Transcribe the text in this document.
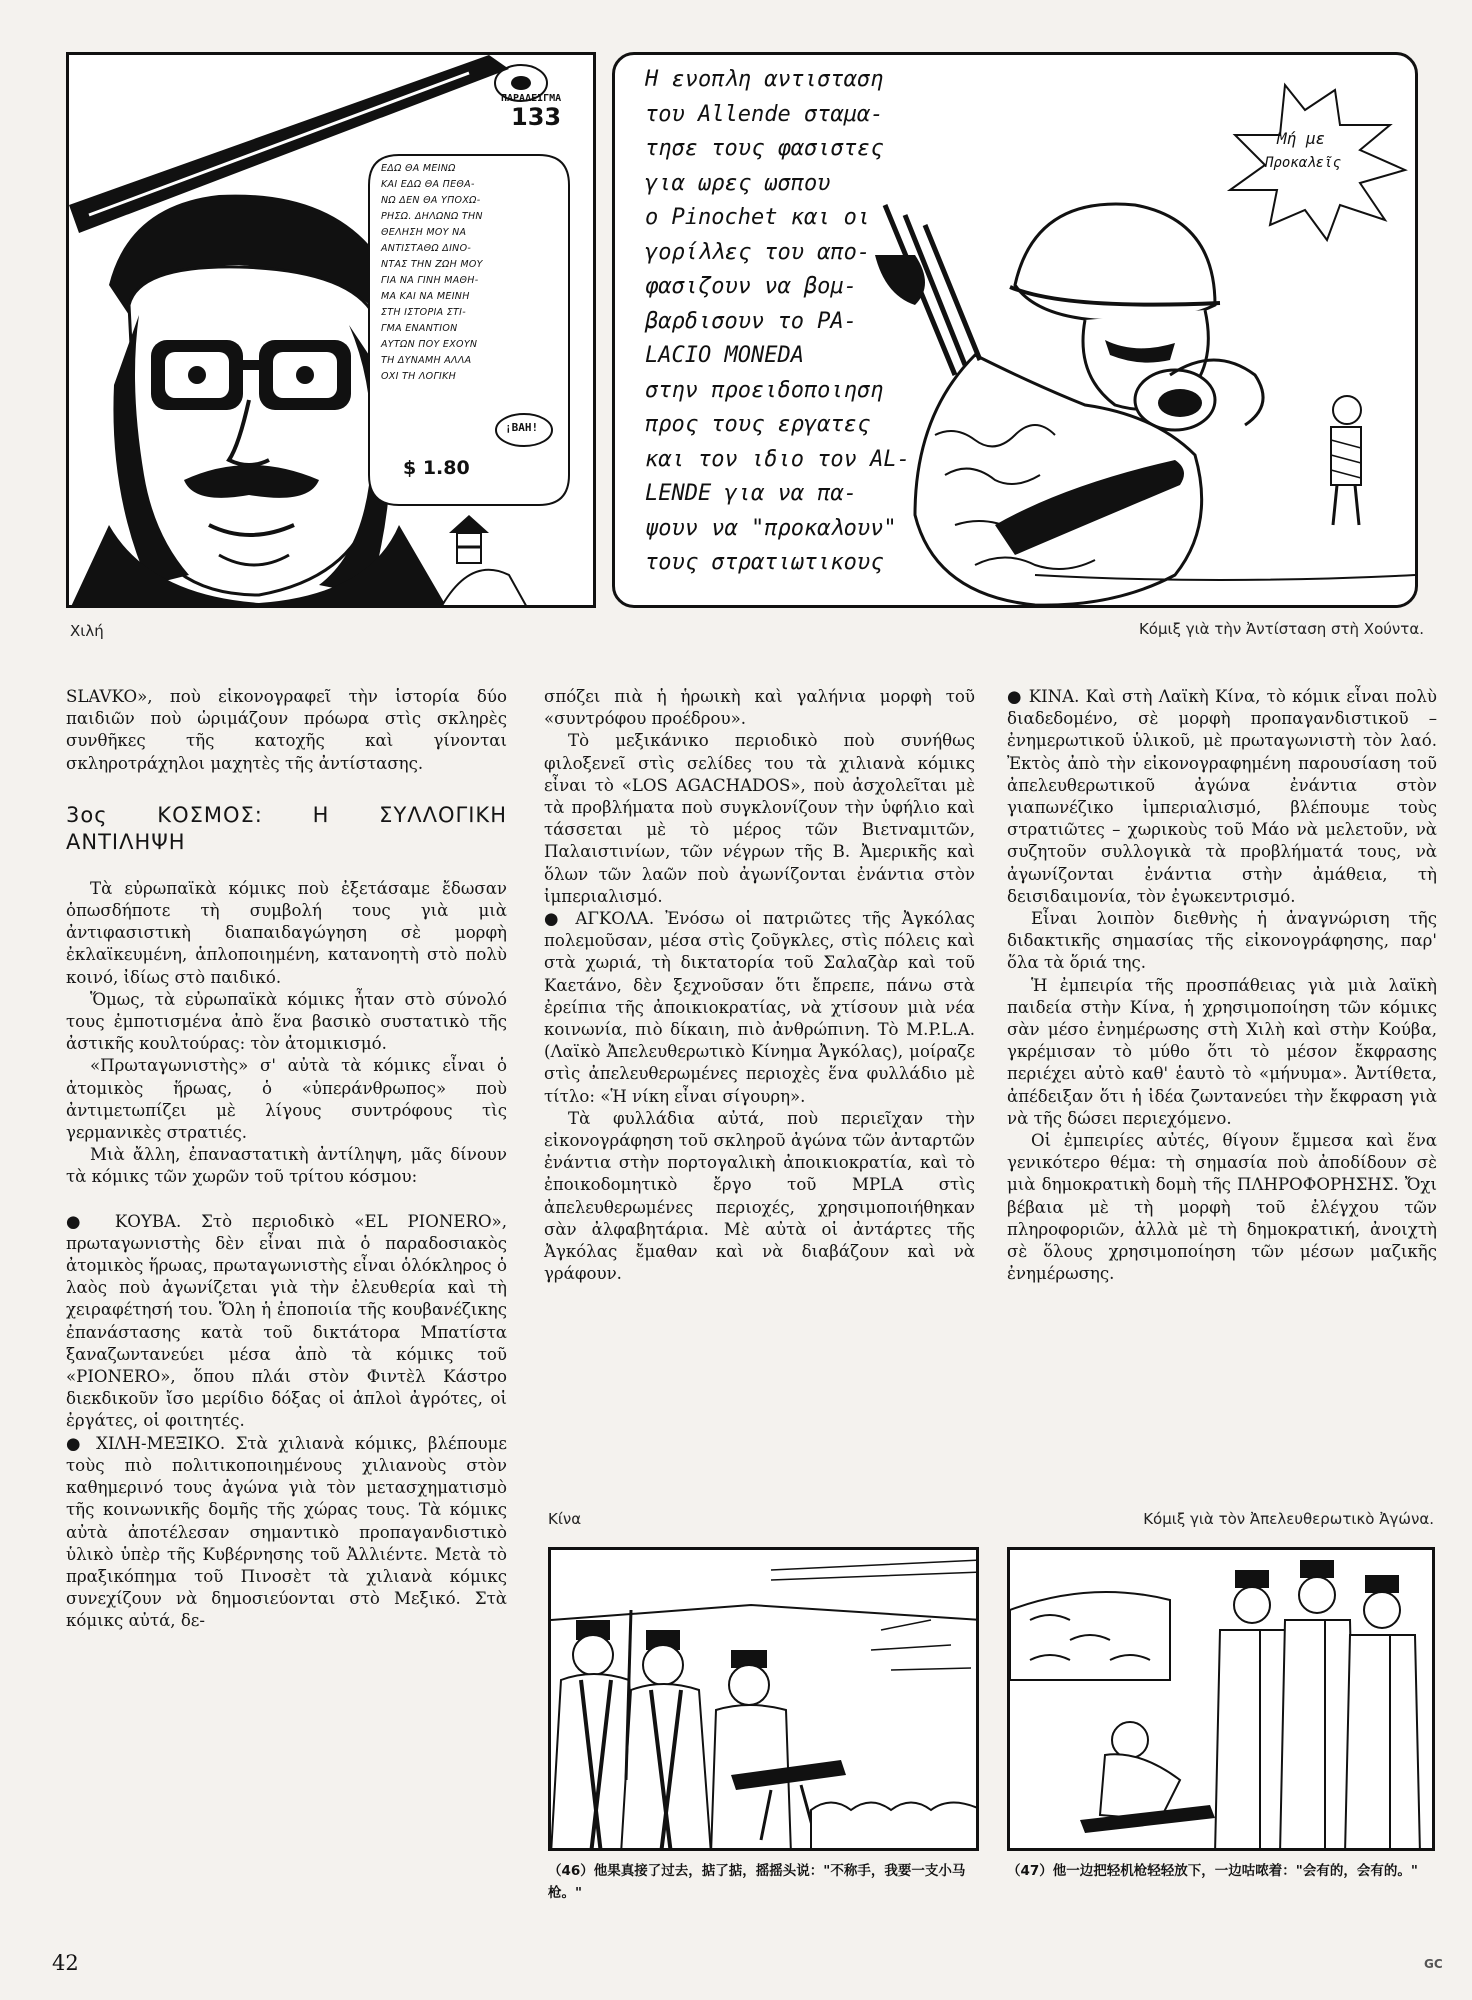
ΠΑΡΑΔΕΙΓΜΑ
133
ΕΔΩ ΘΑ ΜΕΙΝΩ
ΚΑΙ ΕΔΩ ΘΑ ΠΕΘΑ-
ΝΩ ΔΕΝ ΘΑ ΥΠΟΧΩ-
ΡΗΣΩ. ΔΗΛΩΝΩ ΤΗΝ
ΘΕΛΗΣΗ ΜΟΥ ΝΑ
ΑΝΤΙΣΤΑΘΩ ΔΙΝΟ-
ΝΤΑΣ ΤΗΝ ΖΩΗ ΜΟΥ
ΓΙΑ ΝΑ ΓΙΝΗ ΜΑΘΗ-
ΜΑ ΚΑΙ ΝΑ ΜΕΙΝΗ
ΣΤΗ ΙΣΤΟΡΙΑ ΣΤΙ-
ΓΜΑ ΕΝΑΝΤΙΟΝ
ΑΥΤΩΝ ΠΟΥ ΕΧΟΥΝ
ΤΗ ΔΥΝΑΜΗ ΑΛΛΑ
ΟΧΙ ΤΗ ΛΟΓΙΚΗ
¡BAH!
$ 1.80
Η ενοπλη αντισταση
του Allende σταμα-
τησε τους φασιστες
για ωρες ωσπου
ο Pinochet και οι
γορίλλες του απο-
φασιζουν να βομ-
βαρδισουν το PA-
LACIO MONEDA
στην προειδοποιηση
προς τους εργατες
και τον ιδιο τον AL-
LENDE για να πα-
ψουν να "προκαλουν"
τους στρατιωτικους
Μή με
Προκαλεῖς
Χιλή	Κόμιξ γιὰ τὴν Ἀντίσταση στὴ Χούντα.

SLAVKO», ποὺ εἰκονογραφεῖ τὴν ἱστορία δύο παιδιῶν ποὺ ὡριμάζουν πρόωρα στὶς σκληρὲς συνθῆκες τῆς κατοχῆς καὶ γίνονται σκληροτράχηλοι μαχητὲς τῆς ἀντίστασης.

3ος ΚΟΣΜΟΣ: Η ΣΥΛΛΟΓΙΚΗ ΑΝΤΙΛΗΨΗ

Τὰ εὐρωπαϊκὰ κόμικς ποὺ ἐξετάσαμε ἔδωσαν ὁπωσδήποτε τὴ συμβολή τους γιὰ μιὰ ἀντιφασιστικὴ διαπαιδαγώγηση σὲ μορφὴ ἐκλαϊκευμένη, ἁπλοποιημένη, κατανοητὴ στὸ πολὺ κοινό, ἰδίως στὸ παιδικό.

Ὅμως, τὰ εὐρωπαϊκὰ κόμικς ἦταν στὸ σύνολό τους ἐμποτισμένα ἀπὸ ἕνα βασικὸ συστατικὸ τῆς ἀστικῆς κουλτούρας: τὸν ἀτομικισμό.

«Πρωταγωνιστὴς» σ' αὐτὰ τὰ κόμικς εἶναι ὁ ἀτομικὸς ἥρωας, ὁ «ὑπεράνθρωπος» ποὺ ἀντιμετωπίζει μὲ λίγους συντρόφους τὶς γερμανικὲς στρατιές.

Μιὰ ἄλλη, ἐπαναστατικὴ ἀντίληψη, μᾶς δίνουν τὰ κόμικς τῶν χωρῶν τοῦ τρίτου κόσμου:

● ΚΟΥΒΑ. Στὸ περιοδικὸ «EL PIONERO», πρωταγωνιστὴς δὲν εἶναι πιὰ ὁ παραδοσιακὸς ἀτομικὸς ἥρωας, πρωταγωνιστὴς εἶναι ὁλόκληρος ὁ λαὸς ποὺ ἀγωνίζεται γιὰ τὴν ἐλευθερία καὶ τὴ χειραφέτησή του. Ὅλη ἡ ἐποποιία τῆς κουβανέζικης ἐπανάστασης κατὰ τοῦ δικτάτορα Μπατίστα ξαναζωντανεύει μέσα ἀπὸ τὰ κόμικς τοῦ «PIONERO», ὅπου πλάι στὸν Φιντὲλ Κάστρο διεκδικοῦν ἴσο μερίδιο δόξας οἱ ἁπλοὶ ἀγρότες, οἱ ἐργάτες, οἱ φοιτητές.

● ΧΙΛΗ-ΜΕΞΙΚΟ. Στὰ χιλιανὰ κόμικς, βλέπουμε τοὺς πιὸ πολιτικοποιημένους χιλιανοὺς στὸν καθημερινό τους ἀγώνα γιὰ τὸν μετασχηματισμὸ τῆς κοινωνικῆς δομῆς τῆς χώρας τους. Τὰ κόμικς αὐτὰ ἀποτέλεσαν σημαντικὸ προπαγανδιστικὸ ὑλικὸ ὑπὲρ τῆς Κυβέρνησης τοῦ Ἀλλιέντε. Μετὰ τὸ πραξικόπημα τοῦ Πινοσὲτ τὰ χιλιανὰ κόμικς συνεχίζουν νὰ δημοσιεύονται στὸ Μεξικό. Στὰ κόμικς αὐτά, δε-

σπόζει πιὰ ἡ ἡρωικὴ καὶ γαλήνια μορφὴ τοῦ «συντρόφου προέδρου».

Τὸ μεξικάνικο περιοδικὸ ποὺ συνήθως φιλοξενεῖ στὶς σελίδες του τὰ χιλιανὰ κόμικς εἶναι τὸ «LOS AGACHADOS», ποὺ ἀσχολεῖται μὲ τὰ προβλήματα ποὺ συγκλονίζουν τὴν ὑφήλιο καὶ τάσσεται μὲ τὸ μέρος τῶν Βιετναμιτῶν, Παλαιστινίων, τῶν νέγρων τῆς Β. Ἀμερικῆς καὶ ὅλων τῶν λαῶν ποὺ ἀγωνίζονται ἐνάντια στὸν ἰμπεριαλισμό.

● ΑΓΚΟΛΑ. Ἐνόσω οἱ πατριῶτες τῆς Ἀγκόλας πολεμοῦσαν, μέσα στὶς ζοῦγκλες, στὶς πόλεις καὶ στὰ χωριά, τὴ δικτατορία τοῦ Σαλαζὰρ καὶ τοῦ Καετάνο, δὲν ξεχνοῦσαν ὅτι ἔπρεπε, πάνω στὰ ἐρείπια τῆς ἀποικιοκρατίας, νὰ χτίσουν μιὰ νέα κοινωνία, πιὸ δίκαιη, πιὸ ἀνθρώπινη. Τὸ M.P.L.A. (Λαϊκὸ Ἀπελευθερωτικὸ Κίνημα Ἀγκόλας), μοίραζε στὶς ἀπελευθερωμένες περιοχὲς ἕνα φυλλάδιο μὲ τίτλο: «Ἡ νίκη εἶναι σίγουρη».

Τὰ φυλλάδια αὐτά, ποὺ περιεῖχαν τὴν εἰκονογράφηση τοῦ σκληροῦ ἀγώνα τῶν ἀνταρτῶν ἐνάντια στὴν πορτογαλικὴ ἀποικιοκρατία, καὶ τὸ ἐποικοδομητικὸ ἔργο τοῦ MPLA στὶς ἀπελευθερωμένες περιοχές, χρησιμοποιήθηκαν σὰν ἀλφαβητάρια. Μὲ αὐτὰ οἱ ἀντάρτες τῆς Ἀγκόλας ἔμαθαν καὶ νὰ διαβάζουν καὶ νὰ γράφουν.

● ΚΙΝΑ. Καὶ στὴ Λαϊκὴ Κίνα, τὸ κόμικ εἶναι πολὺ διαδεδομένο, σὲ μορφὴ προπαγανδιστικοῦ – ἐνημερωτικοῦ ὑλικοῦ, μὲ πρωταγωνιστὴ τὸν λαό. Ἐκτὸς ἀπὸ τὴν εἰκονογραφημένη παρουσίαση τοῦ ἀπελευθερωτικοῦ ἀγώνα ἐνάντια στὸν γιαπωνέζικο ἰμπεριαλισμό, βλέπουμε τοὺς στρατιῶτες – χωρικοὺς τοῦ Μάο νὰ μελετοῦν, νὰ συζητοῦν συλλογικὰ τὰ προβλήματά τους, νὰ ἀγωνίζονται ἐνάντια στὴν ἀμάθεια, τὴ δεισιδαιμονία, τὸν ἐγωκεντρισμό.

Εἶναι λοιπὸν διεθνὴς ἡ ἀναγνώριση τῆς διδακτικῆς σημασίας τῆς εἰκονογράφησης, παρ' ὅλα τὰ ὅριά της.

Ἡ ἐμπειρία τῆς προσπάθειας γιὰ μιὰ λαϊκὴ παιδεία στὴν Κίνα, ἡ χρησιμοποίηση τῶν κόμικς σὰν μέσο ἐνημέρωσης στὴ Χιλὴ καὶ στὴν Κούβα, γκρέμισαν τὸ μύθο ὅτι τὸ μέσον ἔκφρασης περιέχει αὐτὸ καθ' ἑαυτὸ τὸ «μήνυμα». Ἀντίθετα, ἀπέδειξαν ὅτι ἡ ἰδέα ζωντανεύει τὴν ἔκφραση γιὰ νὰ τῆς δώσει περιεχόμενο.

Οἱ ἐμπειρίες αὐτές, θίγουν ἔμμεσα καὶ ἕνα γενικότερο θέμα: τὴ σημασία ποὺ ἀποδίδουν σὲ μιὰ δημοκρατικὴ δομὴ τῆς ΠΛΗΡΟΦΟΡΗΣΗΣ. Ὄχι βέβαια μὲ τὴ μορφὴ τοῦ ἐλέγχου τῶν πληροφοριῶν, ἀλλὰ μὲ τὴ δημοκρατική, ἀνοιχτὴ σὲ ὅλους χρησιμοποίηση τῶν μέσων μαζικῆς ἐνημέρωσης.

Κίνα	Κόμιξ γιὰ τὸν Ἀπελευθερωτικὸ Ἀγώνα.
（46）他果真接了过去，掂了掂，摇摇头说："不称手，我要一支小马枪。"
（47）他一边把轻机枪轻轻放下，一边咕哝着："会有的，会有的。"
42	GC
